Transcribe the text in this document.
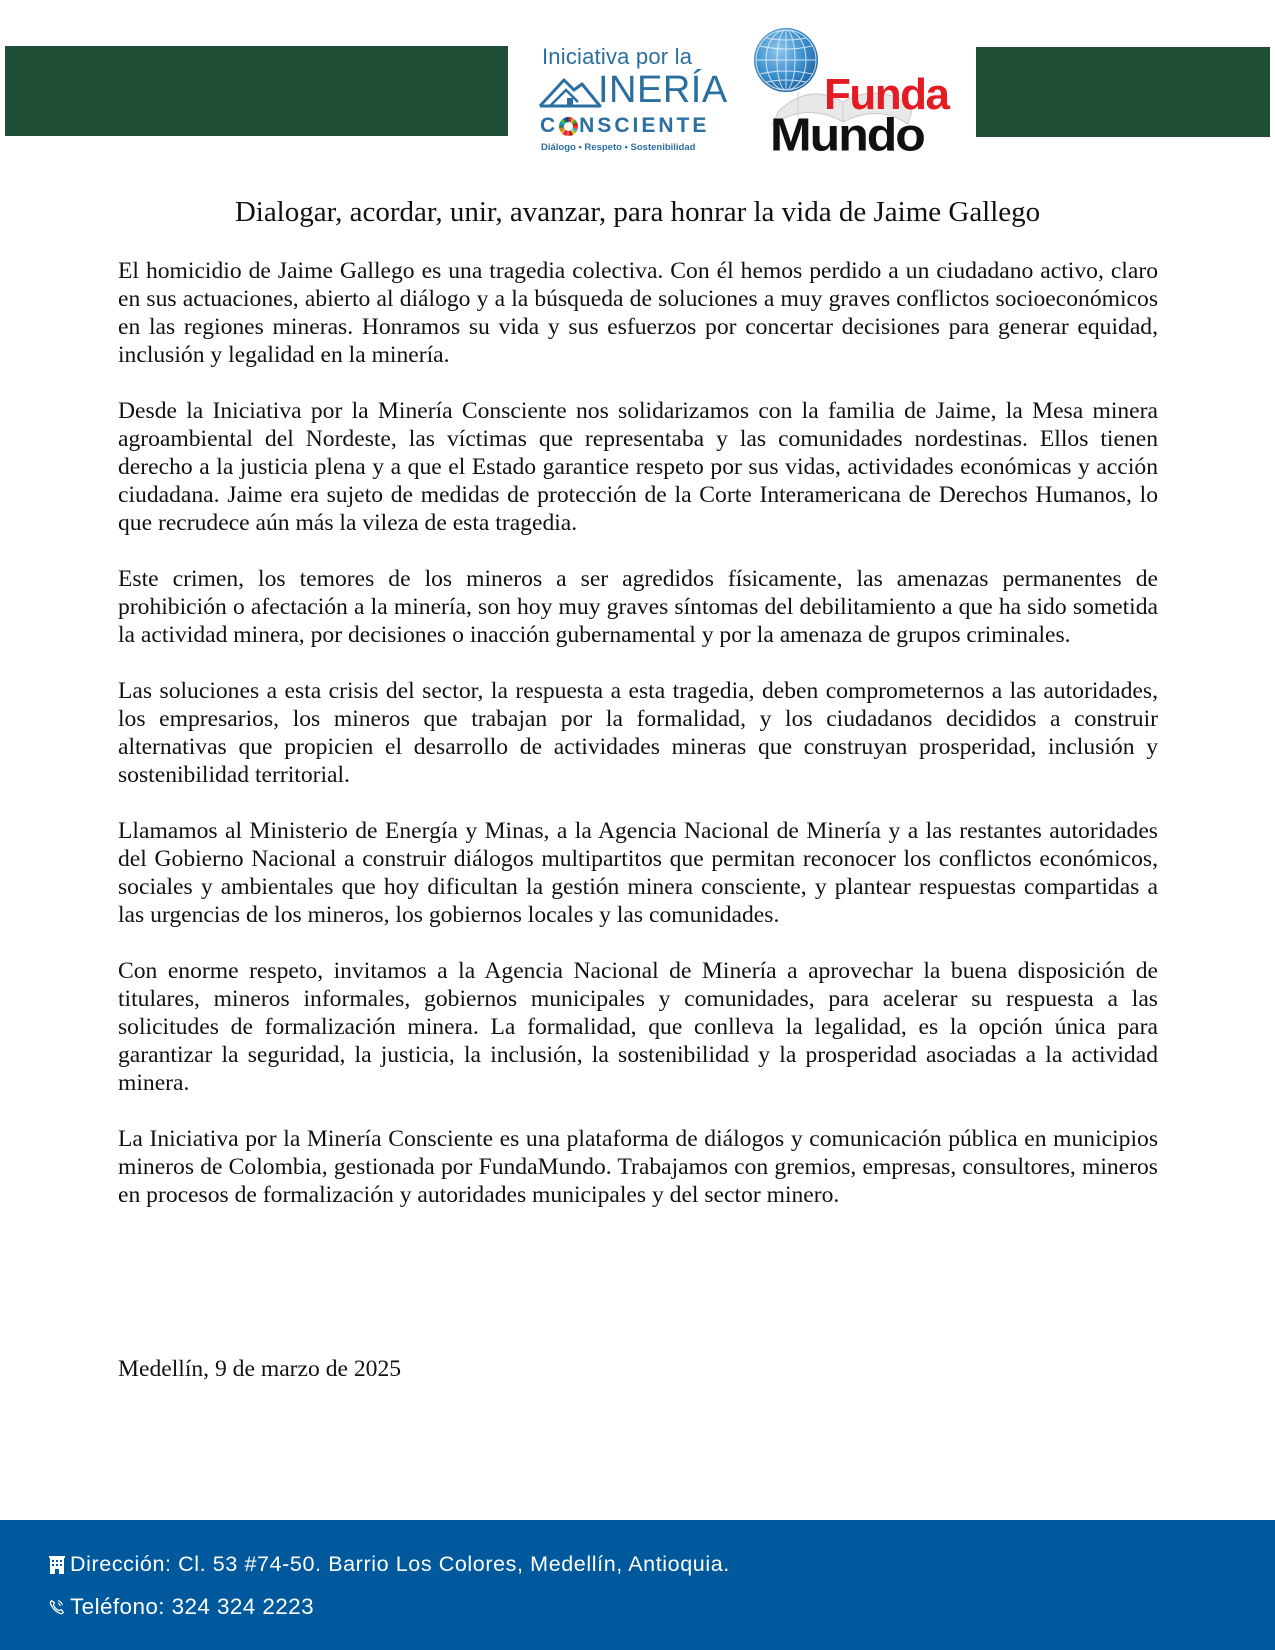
Iniciativa por la
INERÍA
C NSCIENTE
Diálogo • Respeto • Sostenibilidad
Funda
Mundo
Dialogar, acordar, unir, avanzar, para honrar la vida de Jaime Gallego

El homicidio de Jaime Gallego es una tragedia colectiva. Con él hemos perdido a un ciudadano activo, claro en sus actuaciones, abierto al diálogo y a la búsqueda de soluciones a muy graves conflictos socioeconómicos en las regiones mineras. Honramos su vida y sus esfuerzos por concertar decisiones para generar equidad, inclusión y legalidad en la minería.

Desde la Iniciativa por la Minería Consciente nos solidarizamos con la familia de Jaime, la Mesa minera agroambiental del Nordeste, las víctimas que representaba y las comunidades nordestinas. Ellos tienen derecho a la justicia plena y a que el Estado garantice respeto por sus vidas, actividades económicas y acción ciudadana. Jaime era sujeto de medidas de protección de la Corte Interamericana de Derechos Humanos, lo que recrudece aún más la vileza de esta tragedia.

Este crimen, los temores de los mineros a ser agredidos físicamente, las amenazas permanentes de prohibición o afectación a la minería, son hoy muy graves síntomas del debilitamiento a que ha sido sometida la actividad minera, por decisiones o inacción gubernamental y por la amenaza de grupos criminales.

Las soluciones a esta crisis del sector, la respuesta a esta tragedia, deben comprometernos a las autoridades, los empresarios, los mineros que trabajan por la formalidad, y los ciudadanos decididos a construir alternativas que propicien el desarrollo de actividades mineras que construyan prosperidad, inclusión y sostenibilidad territorial.

Llamamos al Ministerio de Energía y Minas, a la Agencia Nacional de Minería y a las restantes autoridades del Gobierno Nacional a construir diálogos multipartitos que permitan reconocer los conflictos económicos, sociales y ambientales que hoy dificultan la gestión minera consciente, y plantear respuestas compartidas a las urgencias de los mineros, los gobiernos locales y las comunidades.

Con enorme respeto, invitamos a la Agencia Nacional de Minería a aprovechar la buena disposición de titulares, mineros informales, gobiernos municipales y comunidades, para acelerar su respuesta a las solicitudes de formalización minera. La formalidad, que conlleva la legalidad, es la opción única para garantizar la seguridad, la justicia, la inclusión, la sostenibilidad y la prosperidad asociadas a la actividad minera.

La Iniciativa por la Minería Consciente es una plataforma de diálogos y comunicación pública en municipios mineros de Colombia, gestionada por FundaMundo. Trabajamos con gremios, empresas, consultores, mineros en procesos de formalización y autoridades municipales y del sector minero.

Medellín, 9 de marzo de 2025
Dirección: Cl. 53 #74-50. Barrio Los Colores, Medellín, Antioquia.
Teléfono: 324 324 2223
